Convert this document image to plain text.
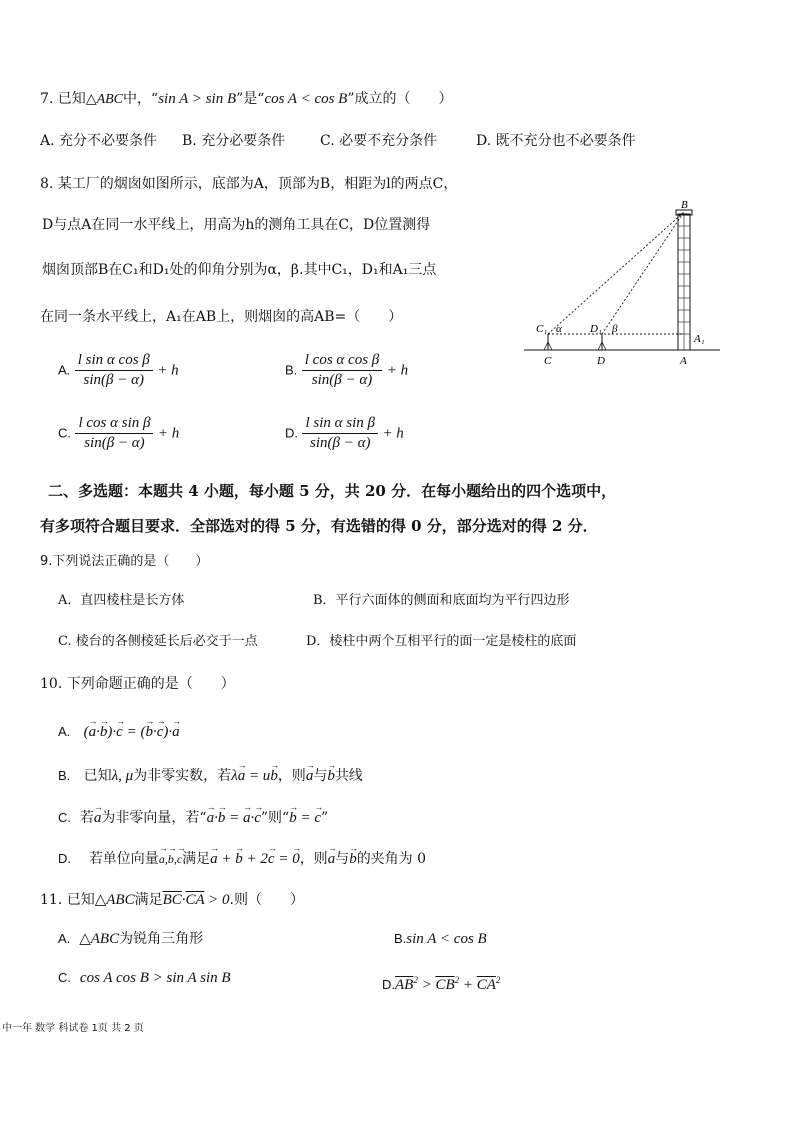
7. 已知△ABC中，“sin A > sin B”是“cos A < cos B”成立的（　　）
A. 充分不必要条件 B. 充分必要条件 C. 必要不充分条件	D. 既不充分也不必要条件
8. 某工厂的烟囱如图所示，底部为A，顶部为B，相距为l的两点C，
D与点A在同一水平线上，用高为h的测角工具在C，D位置测得
烟囱顶部B在C₁和D₁处的仰角分别为α，β.其中C₁，D₁和A₁三点
在同一条水平线上，A₁在AB上，则烟囱的高AB=（　　）
A. $\frac{\text{l sin α cos β}}{\sin(\beta - \alpha)} + h$	B. $\frac{\text{l cos α cos β}}{\sin(\beta - \alpha)} + h$
C. $\frac{\text{l cos α sin β}}{\sin(\beta - \alpha)} + h$	D. $\frac{\text{l sin α sin β}}{\sin(\beta - \alpha)} + h$
B
C₁ α	D₁ β
A₁
C	D	A
二、多选题：本题共 4 小题，每小题 5 分，共 20 分．在每小题给出的四个选项中，
有多项符合题目要求．全部选对的得 5 分，有选错的得 0 分，部分选对的得 2 分．
9.下列说法正确的是（　　）
A．直四棱柱是长方体	B．平行六面体的侧面和底面均为平行四边形
C. 棱台的各侧棱延长后必交于一点	D．棱柱中两个互相平行的面一定是棱柱的底面
10. 下列命题正确的是（　　）
A. (→ a·→ b)·→ c = (→ b·→ c)·→ a
B. 已知λ, μ为非零实数，若λ→ a = u→ b，则→ a与→ b共线
C. 若→ a为非零向量，若“→ a·→ b = → a·→ c”则“→ b = → c”
D. 若单位向量→ a,→ b,→ c满足→ a + → b + 2→ c = → 0，则→ a与→ b的夹角为 0
11. 已知△ABC满足$\overline{BC}\cdot\overline{CA} > 0$.则（　　）
A. △ABC为锐角三角形	B.sin A < cos B
C. cos A cos B > sin A sin B	$D.\overline{AB}^2 > \overline{CB}^2 + \overline{CA}^2$
中一年 数学 科试卷 1页 共 2 页
